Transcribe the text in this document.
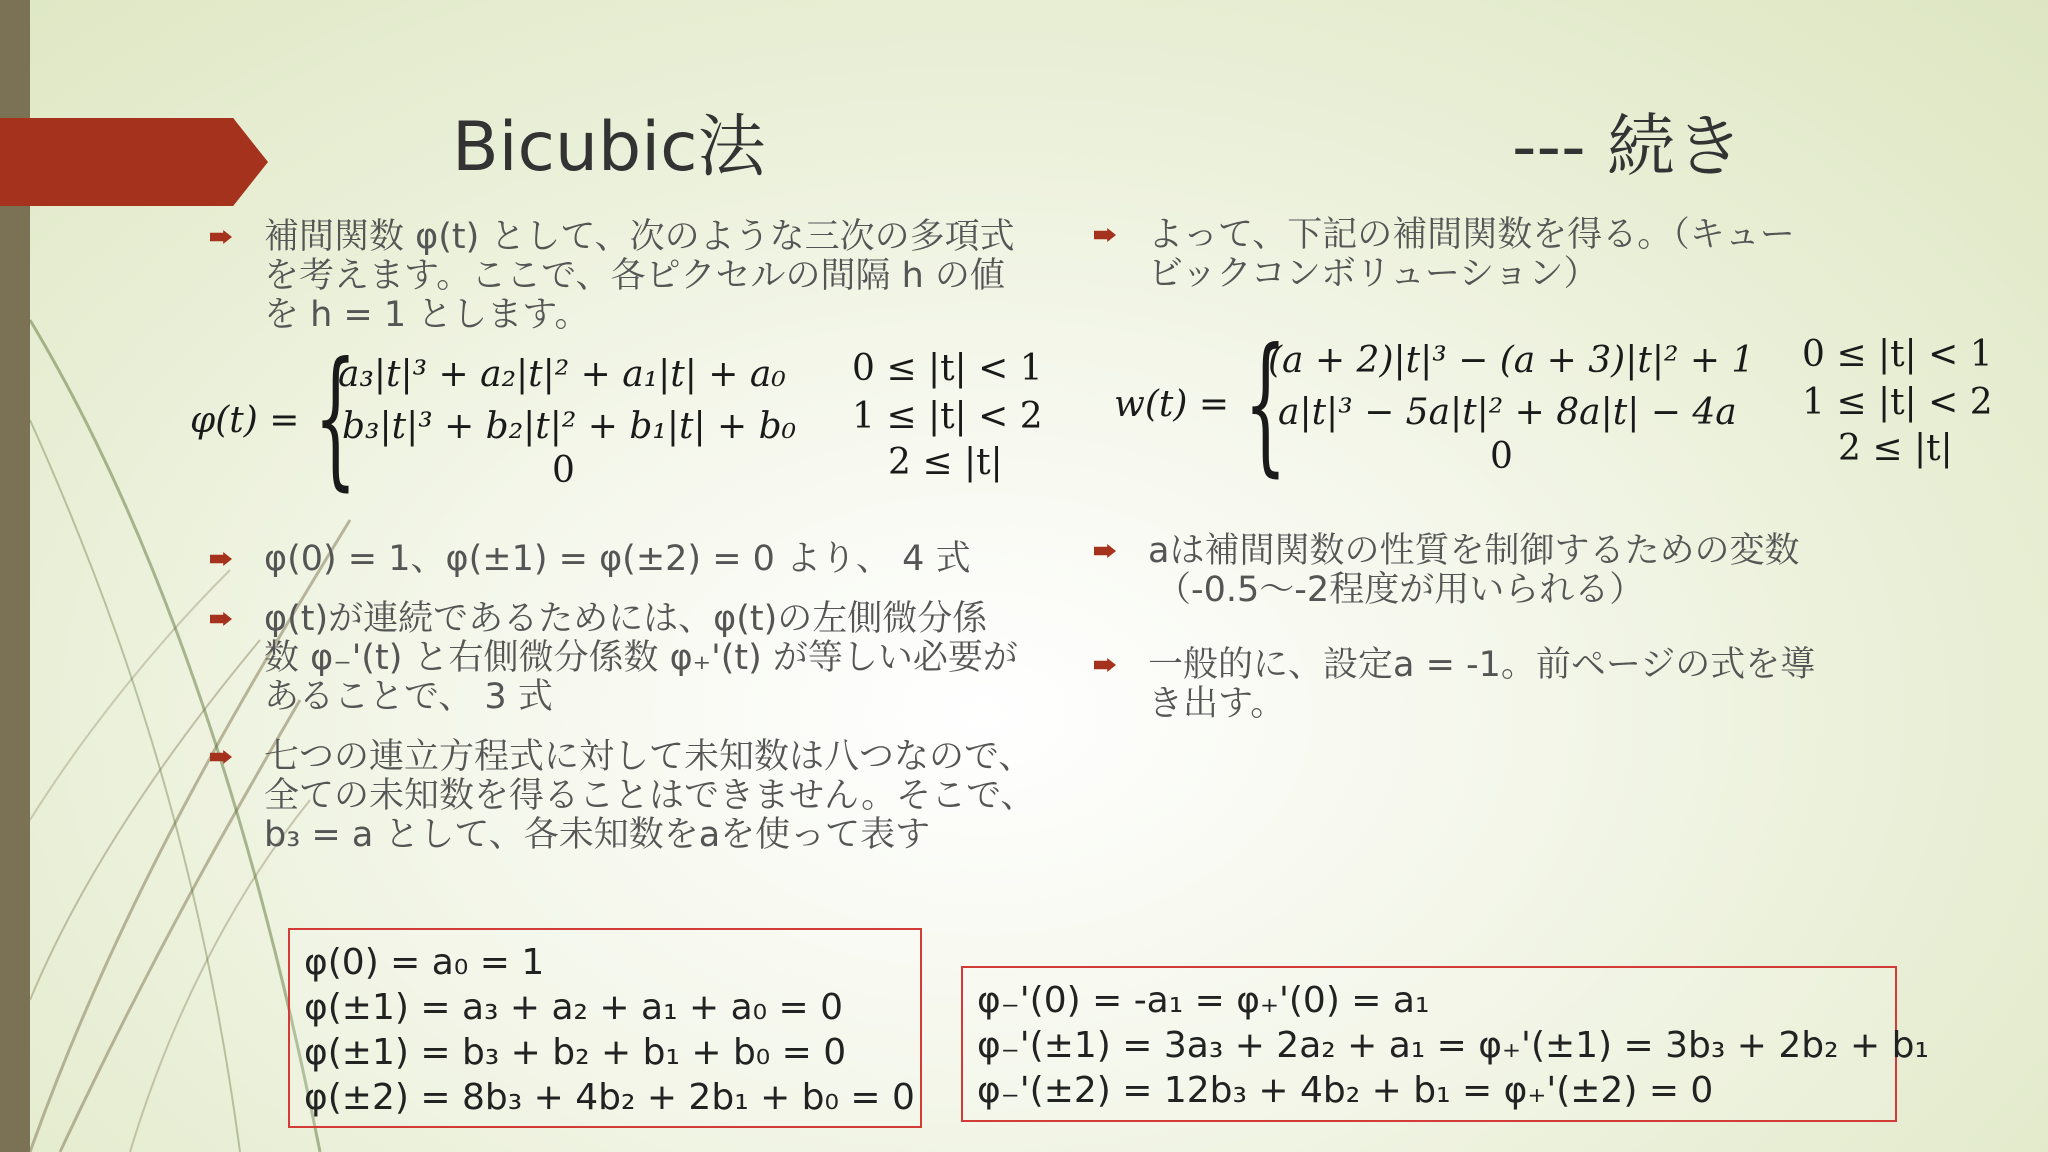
Bicubic法	--- 続き
補間関数 φ(t) として、次のような三次の多項式
を考えます。ここで、各ピクセルの間隔 h の値
を h = 1 とします。
φ(t) = {
a₃|t|³ + a₂|t|² + a₁|t| + a₀ 0 ≤ |t| < 1
b₃|t|³ + b₂|t|² + b₁|t| + b₀ 1 ≤ |t| < 2
0	2 ≤ |t|
φ(0) = 1、φ(±1) = φ(±2) = 0 より、 4 式
φ(t)が連続であるためには、φ(t)の左側微分係
数 φ₋'(t) と右側微分係数 φ₊'(t) が等しい必要が
あることで、 3 式
七つの連立方程式に対して未知数は八つなので、
全ての未知数を得ることはできません。そこで、
b₃ = a として、各未知数をaを使って表す
よって、下記の補間関数を得る。（キュー
ビックコンボリューション）
w(t) = {
(a + 2)|t|³ − (a + 3)|t|² + 1 0 ≤ |t| < 1
a|t|³ − 5a|t|² + 8a|t| − 4a 1 ≤ |t| < 2
0	2 ≤ |t|
aは補間関数の性質を制御するための変数
（-0.5〜-2程度が用いられる）
一般的に、設定a = -1。前ページの式を導
き出す。
φ(0) = a₀ = 1
φ(±1) = a₃ + a₂ + a₁ + a₀ = 0
φ(±1) = b₃ + b₂ + b₁ + b₀ = 0
φ(±2) = 8b₃ + 4b₂ + 2b₁ + b₀ = 0
φ₋'(0) = -a₁ = φ₊'(0) = a₁
φ₋'(±1) = 3a₃ + 2a₂ + a₁ = φ₊'(±1) = 3b₃ + 2b₂ + b₁
φ₋'(±2) = 12b₃ + 4b₂ + b₁ = φ₊'(±2) = 0
